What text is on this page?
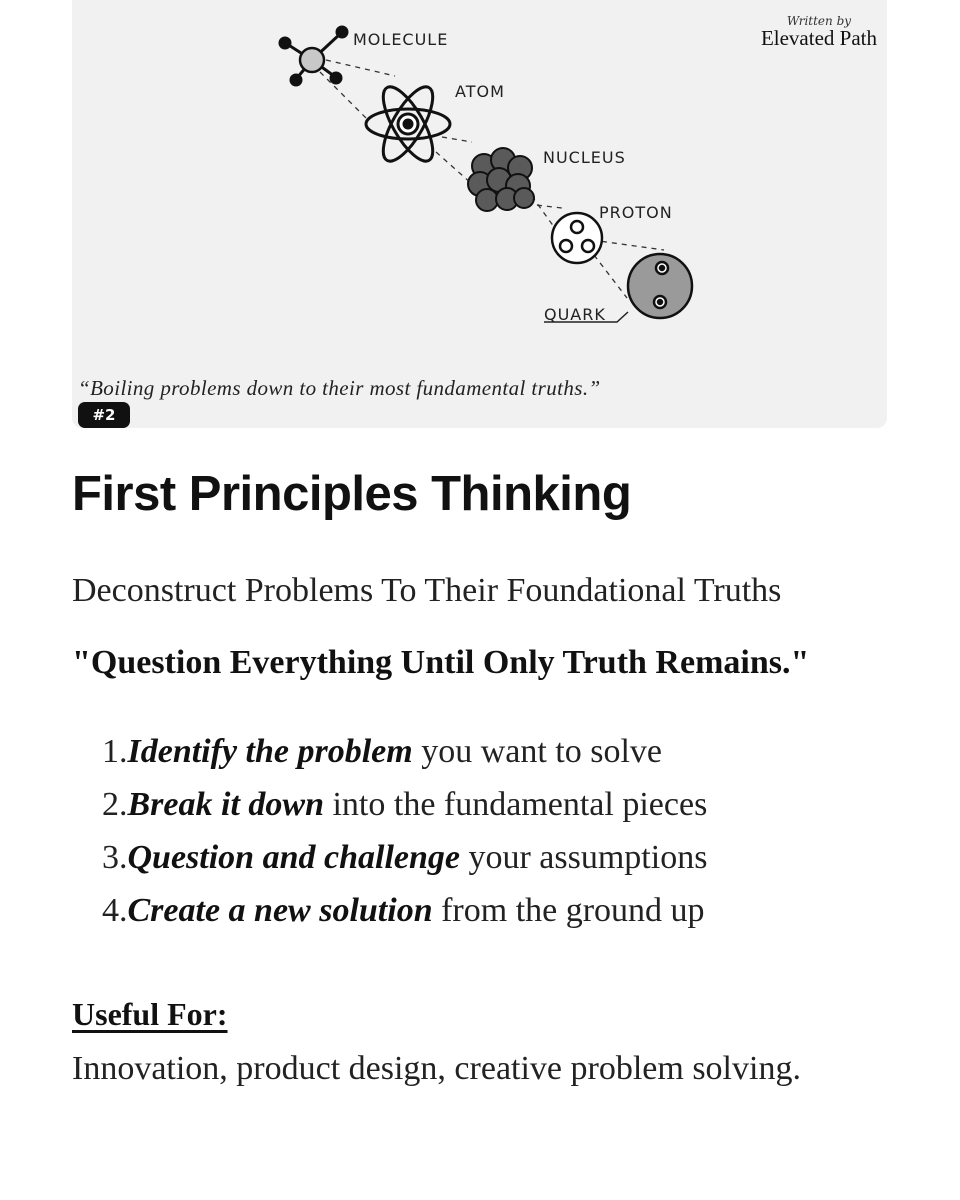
MOLECULE
ATOM
NUCLEUS
PROTON
QUARK
Written by
Elevated Path
“Boiling problems down to their most fundamental truths.”
#2
First Principles Thinking

Deconstruct Problems To Their Foundational Truths

"Question Everything Until Only Truth Remains."

1.Identify the problem you want to solve
2.Break it down into the fundamental pieces
3.Question and challenge your assumptions
4.Create a new solution from the ground up
Useful For:

Innovation, product design, creative problem solving.
